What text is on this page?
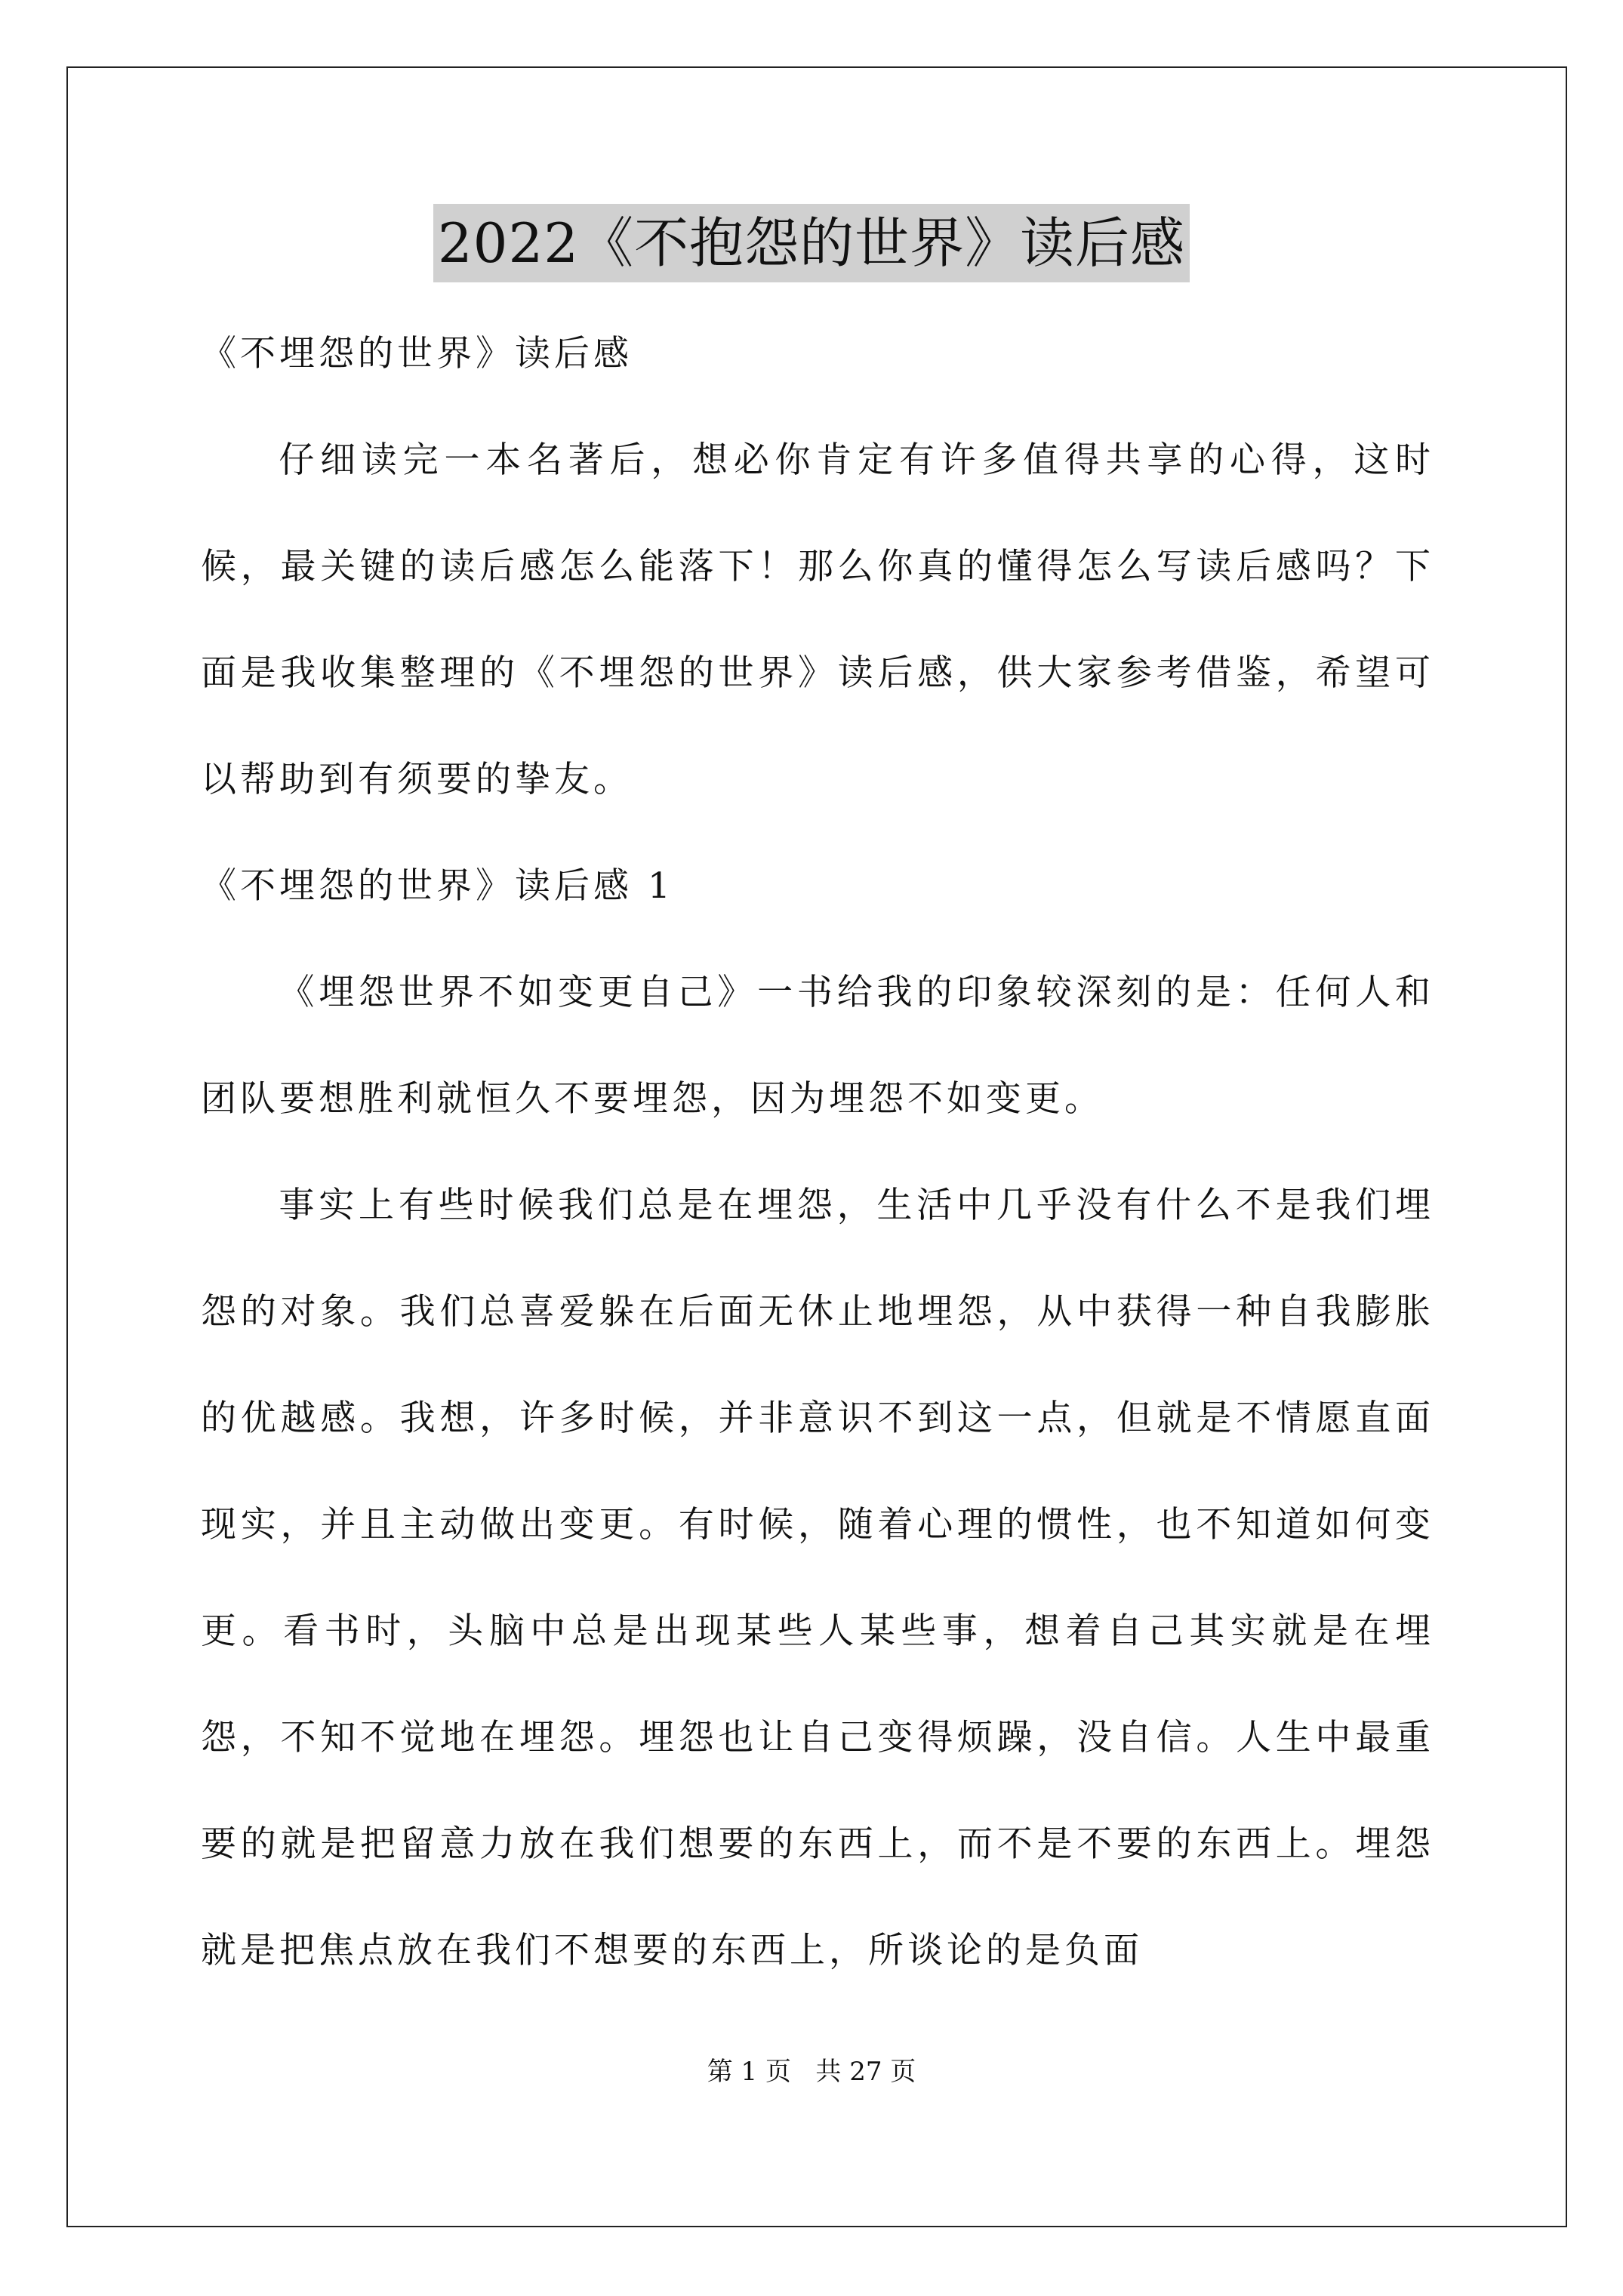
2022《不抱怨的世界》读后感

《不埋怨的世界》读后感

仔细读完一本名著后，想必你肯定有许多值得共享的心得，这时候，最关键的读后感怎么能落下！那么你真的懂得怎么写读后感吗？下面是我收集整理的《不埋怨的世界》读后感，供大家参考借鉴，希望可以帮助到有须要的挚友。

《不埋怨的世界》读后感 1

《埋怨世界不如变更自己》一书给我的印象较深刻的是：任何人和团队要想胜利就恒久不要埋怨，因为埋怨不如变更。

事实上有些时候我们总是在埋怨，生活中几乎没有什么不是我们埋怨的对象。我们总喜爱躲在后面无休止地埋怨，从中获得一种自我膨胀的优越感。我想，许多时候，并非意识不到这一点，但就是不情愿直面现实，并且主动做出变更。有时候，随着心理的惯性，也不知道如何变更。看书时，头脑中总是出现某些人某些事，想着自己其实就是在埋怨，不知不觉地在埋怨。埋怨也让自己变得烦躁，没自信。人生中最重要的就是把留意力放在我们想要的东西上，而不是不要的东西上。埋怨就是把焦点放在我们不想要的东西上，所谈论的是负面

第 1 页   共 27 页
